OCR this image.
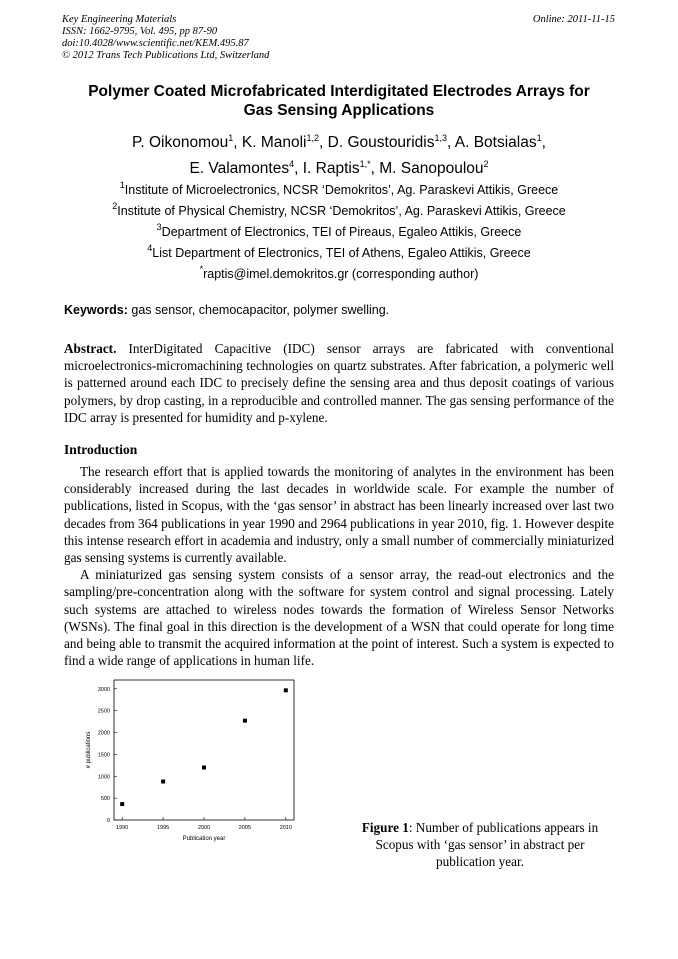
Key Engineering Materials
ISSN: 1662-9795, Vol. 495, pp 87-90
doi:10.4028/www.scientific.net/KEM.495.87
© 2012 Trans Tech Publications Ltd, Switzerland
Online: 2011-11-15
Polymer Coated Microfabricated Interdigitated Electrodes Arrays for
Gas Sensing Applications
P. Oikonomou$^1$, K. Manoli$^{1,2}$, D. Goustouridis$^{1,3}$, A. Botsialas$^1$,
E. Valamontes$^4$, I. Raptis$^{1,*}$, M. Sanopoulou$^2$
$^1$Institute of Microelectronics, NCSR ‘Demokritos’, Ag. Paraskevi Attikis, Greece
$^2$Institute of Physical Chemistry, NCSR ‘Demokritos’, Ag. Paraskevi Attikis, Greece
$^3$Department of Electronics, TEI of Pireaus, Egaleo Attikis, Greece
$^4$List Department of Electronics, TEI of Athens, Egaleo Attikis, Greece
*raptis@imel.demokritos.gr (corresponding author)
Keywords: gas sensor, chemocapacitor, polymer swelling.
Abstract. InterDigitated Capacitive (IDC) sensor arrays are fabricated with conventional microelectronics-micromachining technologies on quartz substrates. After fabrication, a polymeric well is patterned around each IDC to precisely define the sensing area and thus deposit coatings of various polymers, by drop casting, in a reproducible and controlled manner. The gas sensing performance of the IDC array is presented for humidity and p-xylene.
Introduction

The research effort that is applied towards the monitoring of analytes in the environment has been considerably increased during the last decades in worldwide scale. For example the number of publications, listed in Scopus, with the ‘gas sensor’ in abstract has been linearly increased over last two decades from 364 publications in year 1990 and 2964 publications in year 2010, fig. 1. However despite this intense research effort in academia and industry, only a small number of commercially miniaturized gas sensing systems is currently available.

A miniaturized gas sensing system consists of a sensor array, the read-out electronics and the sampling/pre-concentration along with the software for system control and signal processing. Lately such systems are attached to wireless nodes towards the formation of Wireless Sensor Networks (WSNs). The final goal in this direction is the development of a WSN that could operate for long time and being able to transmit the acquired information at the point of interest. Such a system is expected to find a wide range of applications in human life.

0
500
1000
1500
2000
2500
3000
1990	1995	2000	2005	2010
Publication year
# publications
Figure 1: Number of publications appears in Scopus with ‘gas sensor’ in abstract per publication year.
